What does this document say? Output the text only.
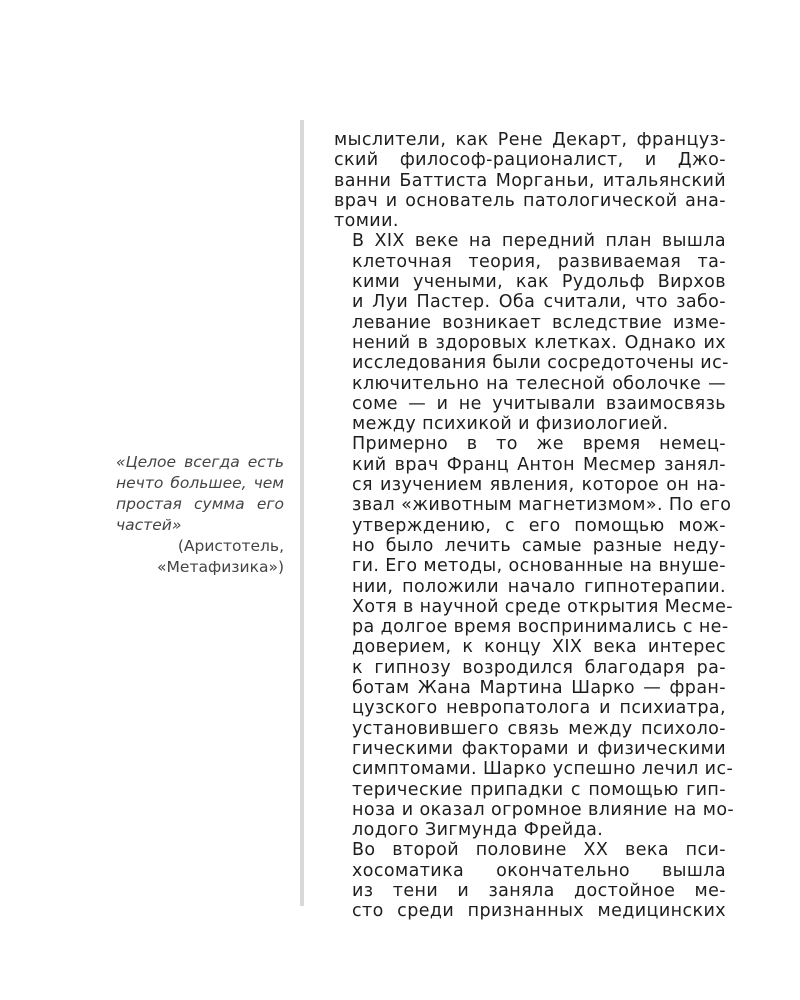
«Целое всегда есть нечто большее, чем простая сумма его частей»
(Аристотель,
«Метафизика»)

мыслители, как Рене Декарт, француз-
ский философ-рационалист, и Джо-
ванни Баттиста Морганьи, итальянский
врач и основатель патологической ана-
томии.

В XIX веке на передний план вышла
клеточная теория, развиваемая та-
кими учеными, как Рудольф Вирхов
и Луи Пастер. Оба считали, что забо-
левание возникает вследствие изме-
нений в здоровых клетках. Однако их
исследования были сосредоточены ис-
ключительно на телесной оболочке —
соме — и не учитывали взаимосвязь
между психикой и физиологией.

Примерно в то же время немец-
кий врач Франц Антон Месмер занял-
ся изучением явления, которое он на-
звал «животным магнетизмом». По его
утверждению, с его помощью мож-
но было лечить самые разные неду-
ги. Его методы, основанные на внуше-
нии, положили начало гипнотерапии.
Хотя в научной среде открытия Месме-
ра долгое время воспринимались с не-
доверием, к концу XIX века интерес
к гипнозу возродился благодаря ра-
ботам Жана Мартина Шарко — фран-
цузского невропатолога и психиатра,
установившего связь между психоло-
гическими факторами и физическими
симптомами. Шарко успешно лечил ис-
терические припадки с помощью гип-
ноза и оказал огромное влияние на мо-
лодого Зигмунда Фрейда.

Во второй половине XX века пси-
хосоматика окончательно вышла
из тени и заняла достойное ме-
сто среди признанных медицинских
